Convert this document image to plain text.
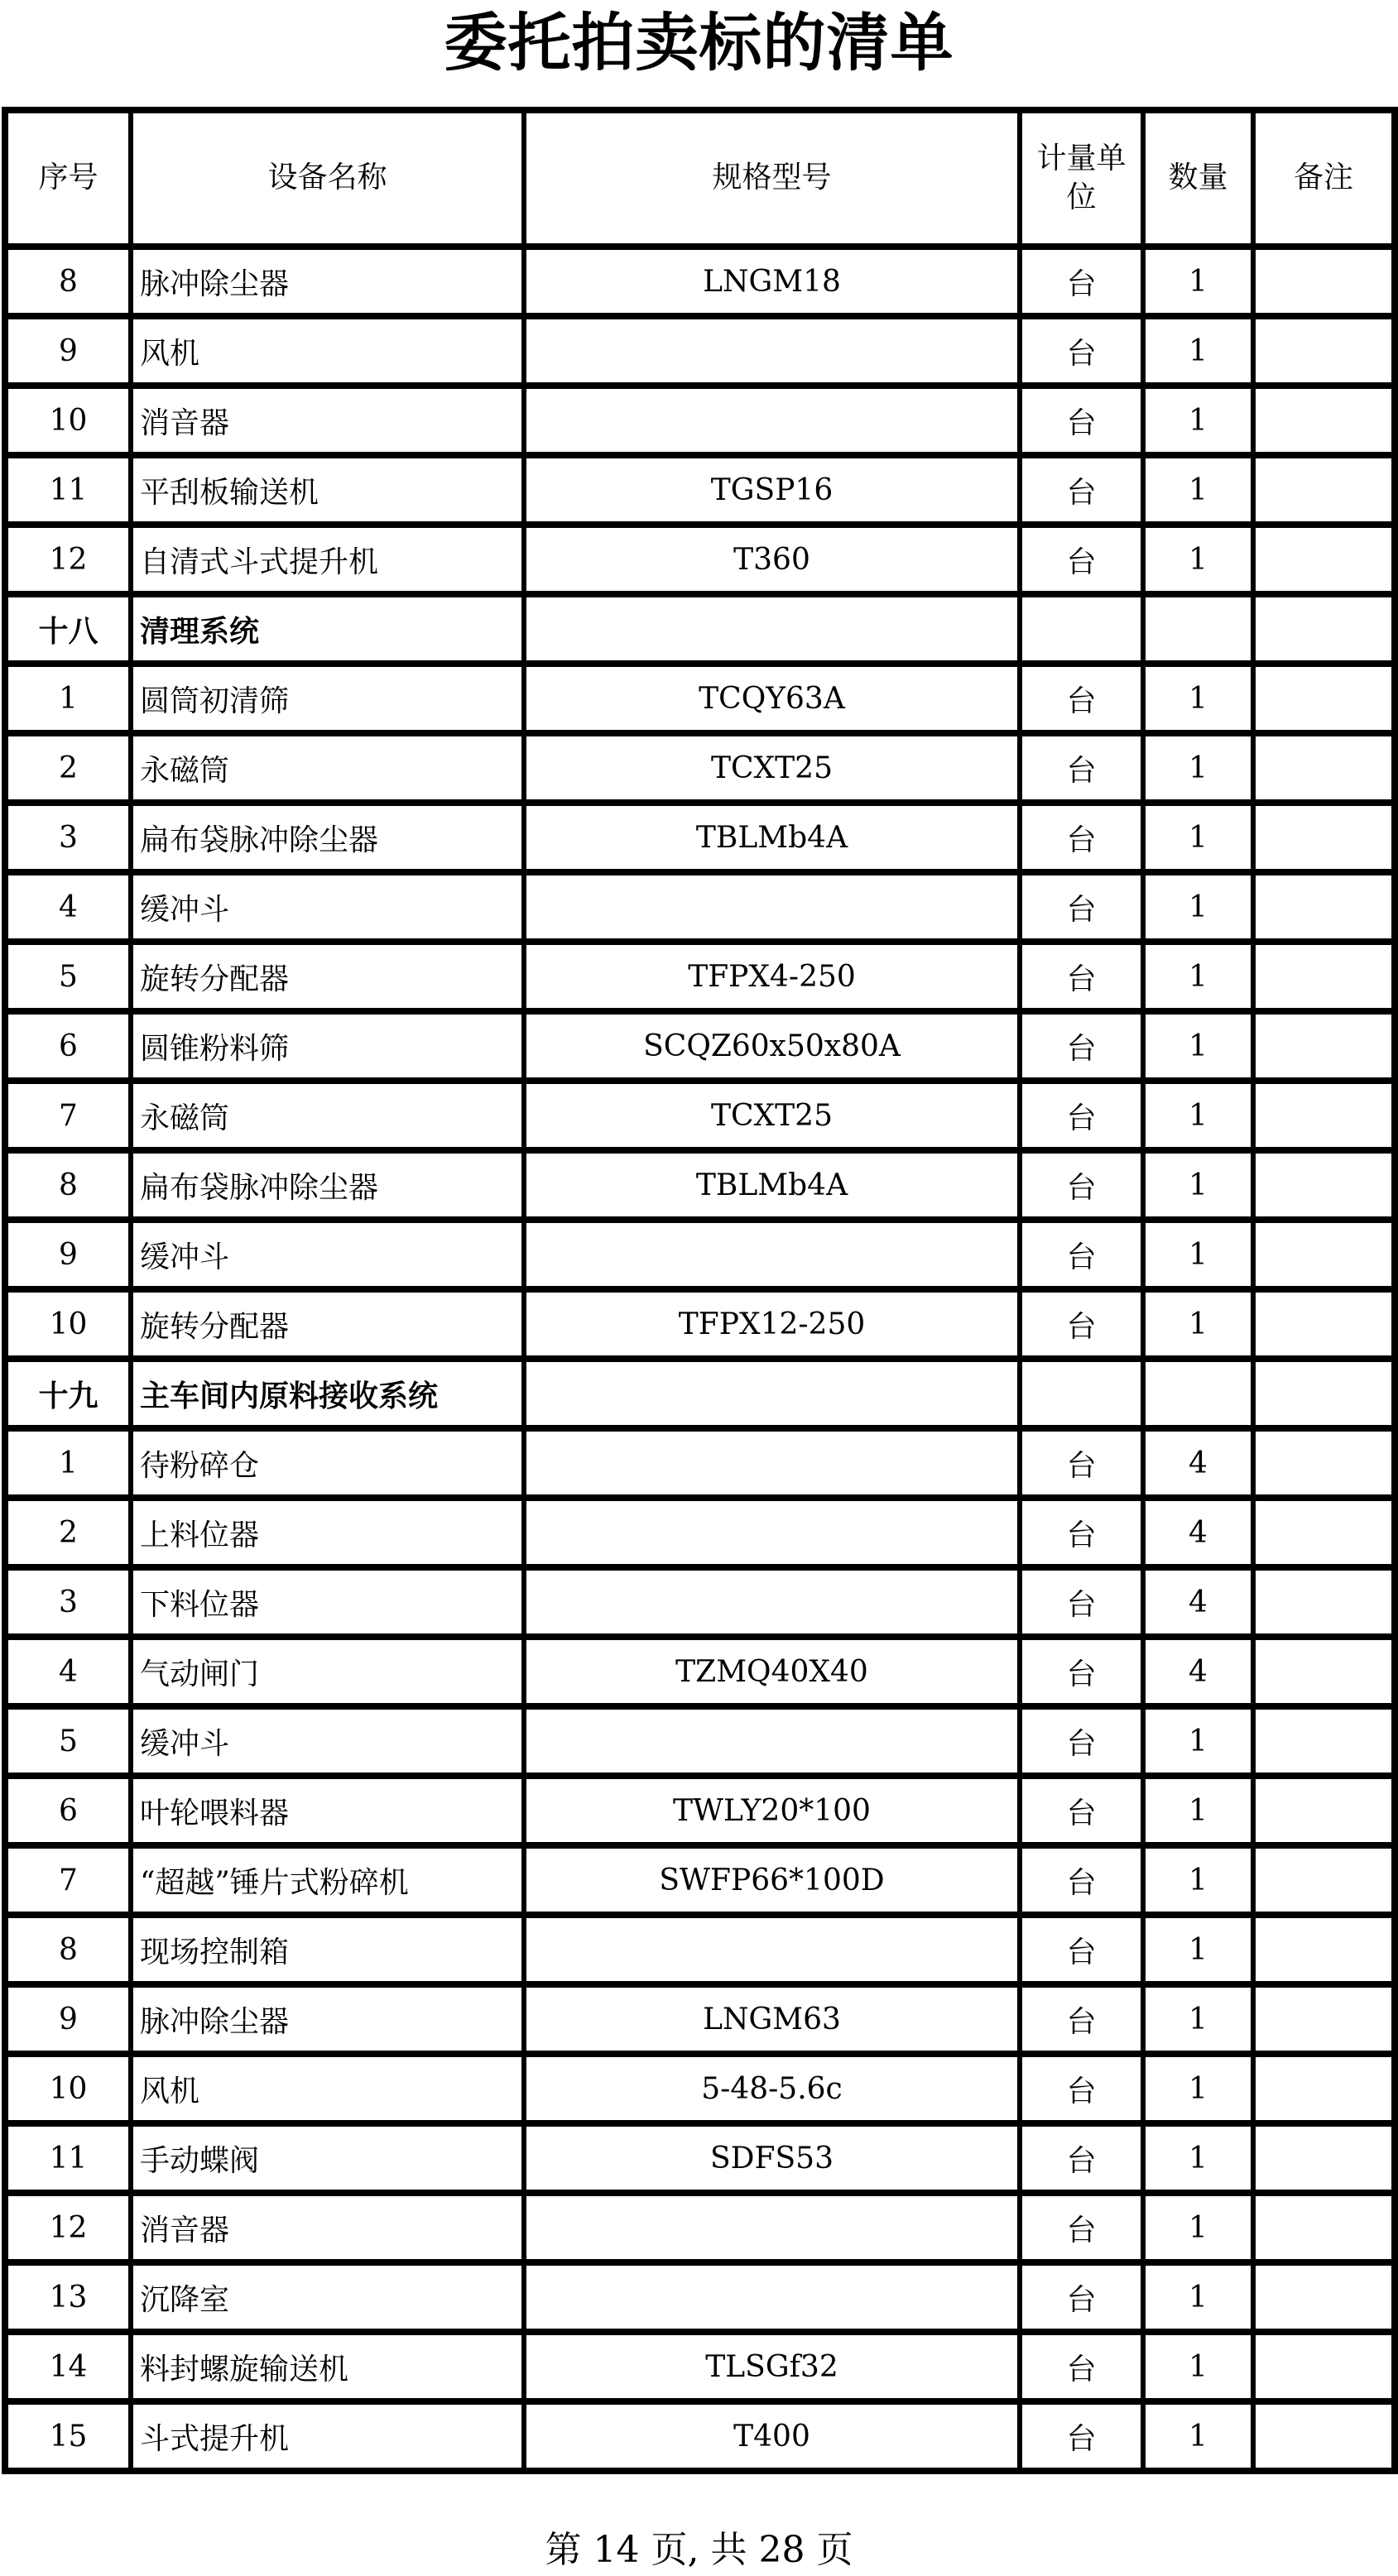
委托拍卖标的清单
序号	设备名称	规格型号	计量单位	数量	备注
8	脉冲除尘器	LNGM18	台	1	
9	风机		台	1	
10	消音器		台	1	
11	平刮板输送机	TGSP16	台	1	
12	自清式斗式提升机	T360	台	1	
十八	清理系统				
1	圆筒初清筛	TCQY63A	台	1	
2	永磁筒	TCXT25	台	1	
3	扁布袋脉冲除尘器	TBLMb4A	台	1	
4	缓冲斗		台	1	
5	旋转分配器	TFPX4-250	台	1	
6	圆锥粉料筛	SCQZ60x50x80A	台	1	
7	永磁筒	TCXT25	台	1	
8	扁布袋脉冲除尘器	TBLMb4A	台	1	
9	缓冲斗		台	1	
10	旋转分配器	TFPX12-250	台	1	
十九	主车间内原料接收系统				
1	待粉碎仓		台	4	
2	上料位器		台	4	
3	下料位器		台	4	
4	气动闸门	TZMQ40X40	台	4	
5	缓冲斗		台	1	
6	叶轮喂料器	TWLY20*100	台	1	
7	“超越”锤片式粉碎机	SWFP66*100D	台	1	
8	现场控制箱		台	1	
9	脉冲除尘器	LNGM63	台	1	
10	风机	5-48-5.6c	台	1	
11	手动蝶阀	SDFS53	台	1	
12	消音器		台	1	
13	沉降室		台	1	
14	料封螺旋输送机	TLSGf32	台	1	
15	斗式提升机	T400	台	1	
第 14 页, 共 28 页
